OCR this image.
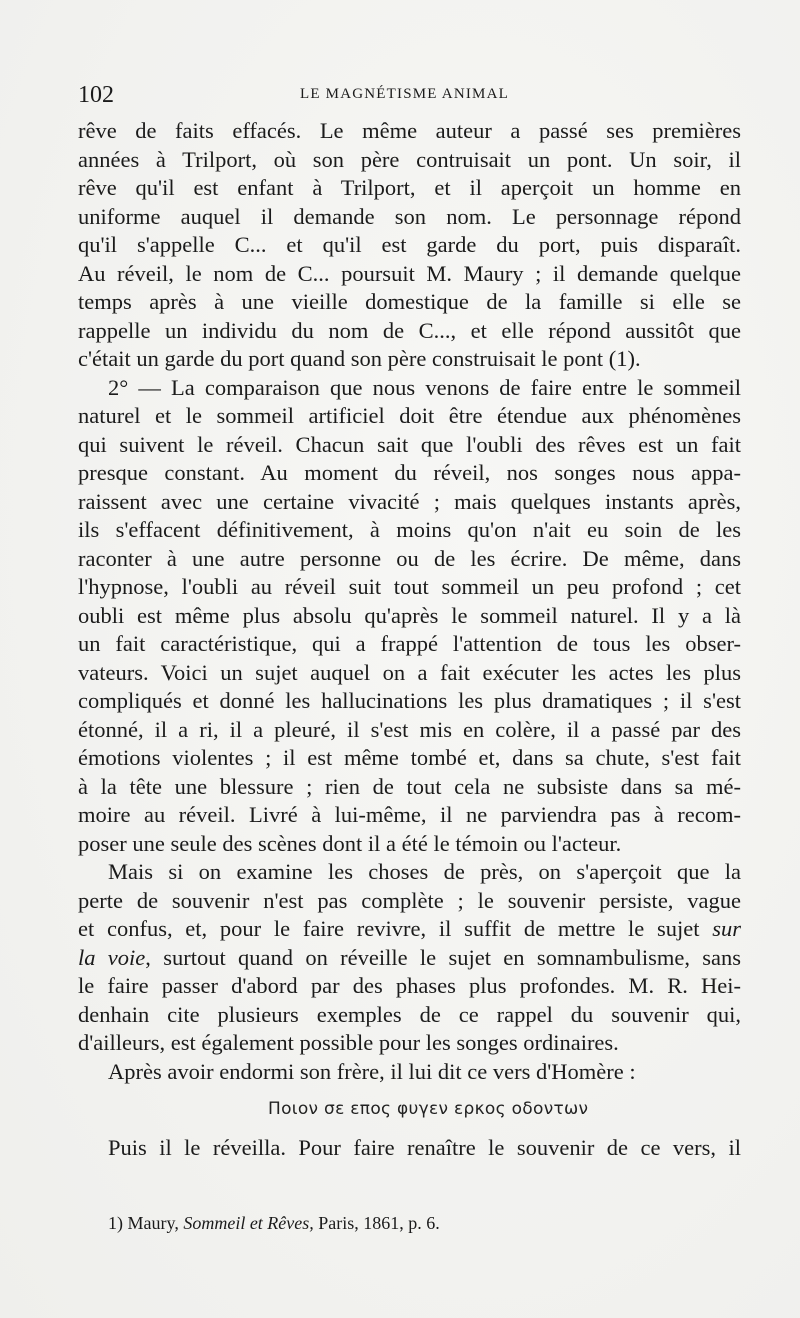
102	LE MAGNÉTISME ANIMAL
rêve de faits effacés. Le même auteur a passé ses premières
années à Trilport, où son père contruisait un pont. Un soir, il
rêve qu'il est enfant à Trilport, et il aperçoit un homme en
uniforme auquel il demande son nom. Le personnage répond
qu'il s'appelle C... et qu'il est garde du port, puis disparaît.
Au réveil, le nom de C... poursuit M. Maury ; il demande quelque
temps après à une vieille domestique de la famille si elle se
rappelle un individu du nom de C..., et elle répond aussitôt que
c'était un garde du port quand son père construisait le pont (1).
2° — La comparaison que nous venons de faire entre le sommeil
naturel et le sommeil artificiel doit être étendue aux phénomènes
qui suivent le réveil. Chacun sait que l'oubli des rêves est un fait
presque constant. Au moment du réveil, nos songes nous appa-
raissent avec une certaine vivacité ; mais quelques instants après,
ils s'effacent définitivement, à moins qu'on n'ait eu soin de les
raconter à une autre personne ou de les écrire. De même, dans
l'hypnose, l'oubli au réveil suit tout sommeil un peu profond ; cet
oubli est même plus absolu qu'après le sommeil naturel. Il y a là
un fait caractéristique, qui a frappé l'attention de tous les obser-
vateurs. Voici un sujet auquel on a fait exécuter les actes les plus
compliqués et donné les hallucinations les plus dramatiques ; il s'est
étonné, il a ri, il a pleuré, il s'est mis en colère, il a passé par des
émotions violentes ; il est même tombé et, dans sa chute, s'est fait
à la tête une blessure ; rien de tout cela ne subsiste dans sa mé-
moire au réveil. Livré à lui-même, il ne parviendra pas à recom-
poser une seule des scènes dont il a été le témoin ou l'acteur.
Mais si on examine les choses de près, on s'aperçoit que la
perte de souvenir n'est pas complète ; le souvenir persiste, vague
et confus, et, pour le faire revivre, il suffit de mettre le sujet sur
la voie, surtout quand on réveille le sujet en somnambulisme, sans
le faire passer d'abord par des phases plus profondes. M. R. Hei-
denhain cite plusieurs exemples de ce rappel du souvenir qui,
d'ailleurs, est également possible pour les songes ordinaires.
Après avoir endormi son frère, il lui dit ce vers d'Homère :
Ποιον σε επος φυγεν ερκος οδοντων
Puis il le réveilla. Pour faire renaître le souvenir de ce vers, il
1) Maury, Sommeil et Rêves, Paris, 1861, p. 6.
